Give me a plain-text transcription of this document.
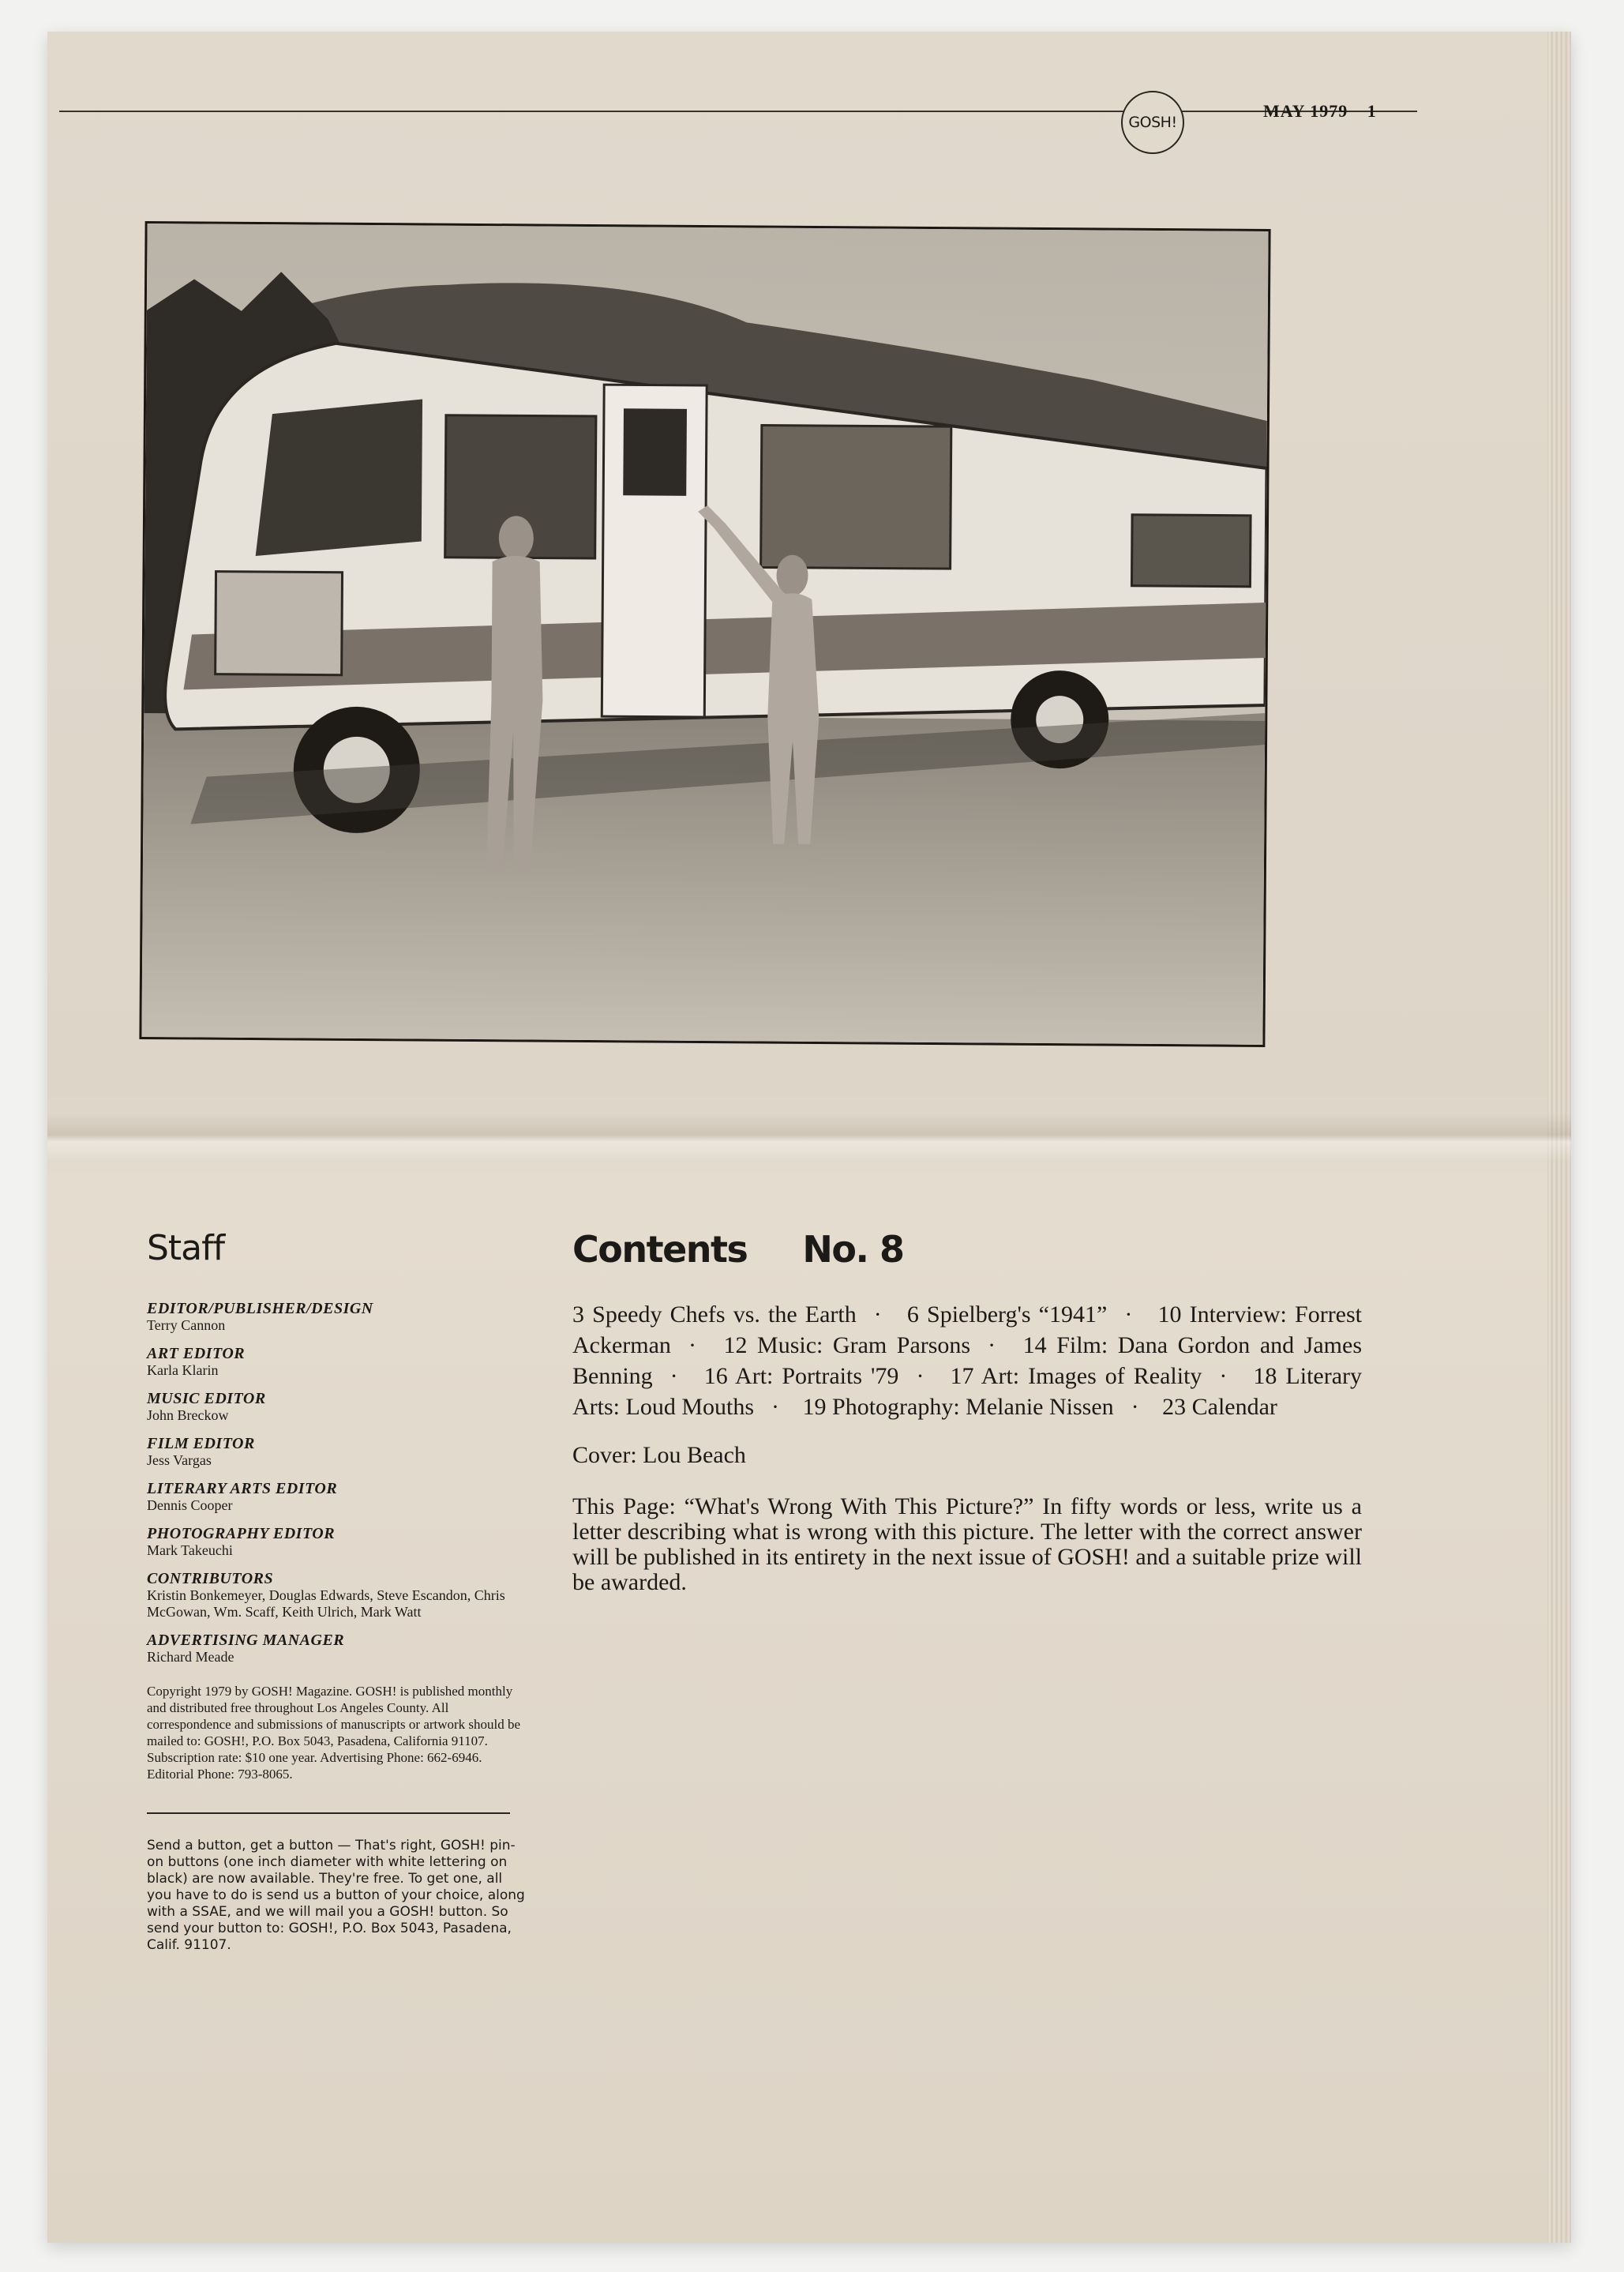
GOSH!
MAY 1979 1
Staff
EDITOR/PUBLISHER/DESIGN
Terry Cannon
ART EDITOR
Karla Klarin
MUSIC EDITOR
John Breckow
FILM EDITOR
Jess Vargas
LITERARY ARTS EDITOR
Dennis Cooper
PHOTOGRAPHY EDITOR
Mark Takeuchi
CONTRIBUTORS
Kristin Bonkemeyer, Douglas Edwards, Steve Escandon, Chris McGowan, Wm. Scaff, Keith Ulrich, Mark Watt
ADVERTISING MANAGER
Richard Meade
Copyright 1979 by GOSH! Magazine. GOSH! is published monthly and distributed free throughout Los Angeles County. All correspondence and submissions of manuscripts or artwork should be mailed to: GOSH!, P.O. Box 5043, Pasadena, California 91107. Subscription rate: $10 one year. Advertising Phone: 662-6946. Editorial Phone: 793-8065.
Send a button, get a button — That's right, GOSH! pin-on buttons (one inch diameter with white lettering on black) are now available. They're free. To get one, all you have to do is send us a button of your choice, along with a SSAE, and we will mail you a GOSH! button. So send your button to: GOSH!, P.O. Box 5043, Pasadena, Calif. 91107.
Contents No. 8
3 Speedy Chefs vs. the Earth · 6 Spielberg's “1941” · 10 Interview: Forrest Ackerman · 12 Music: Gram Parsons · 14 Film: Dana Gordon and James Benning · 16 Art: Portraits '79 · 17 Art: Images of Reality · 18 Literary Arts: Loud Mouths · 19 Photography: Melanie Nissen · 23 Calendar
Cover: Lou Beach
This Page: “What's Wrong With This Picture?” In fifty words or less, write us a letter describing what is wrong with this picture. The letter with the correct answer will be published in its entirety in the next issue of GOSH! and a suitable prize will be awarded.
